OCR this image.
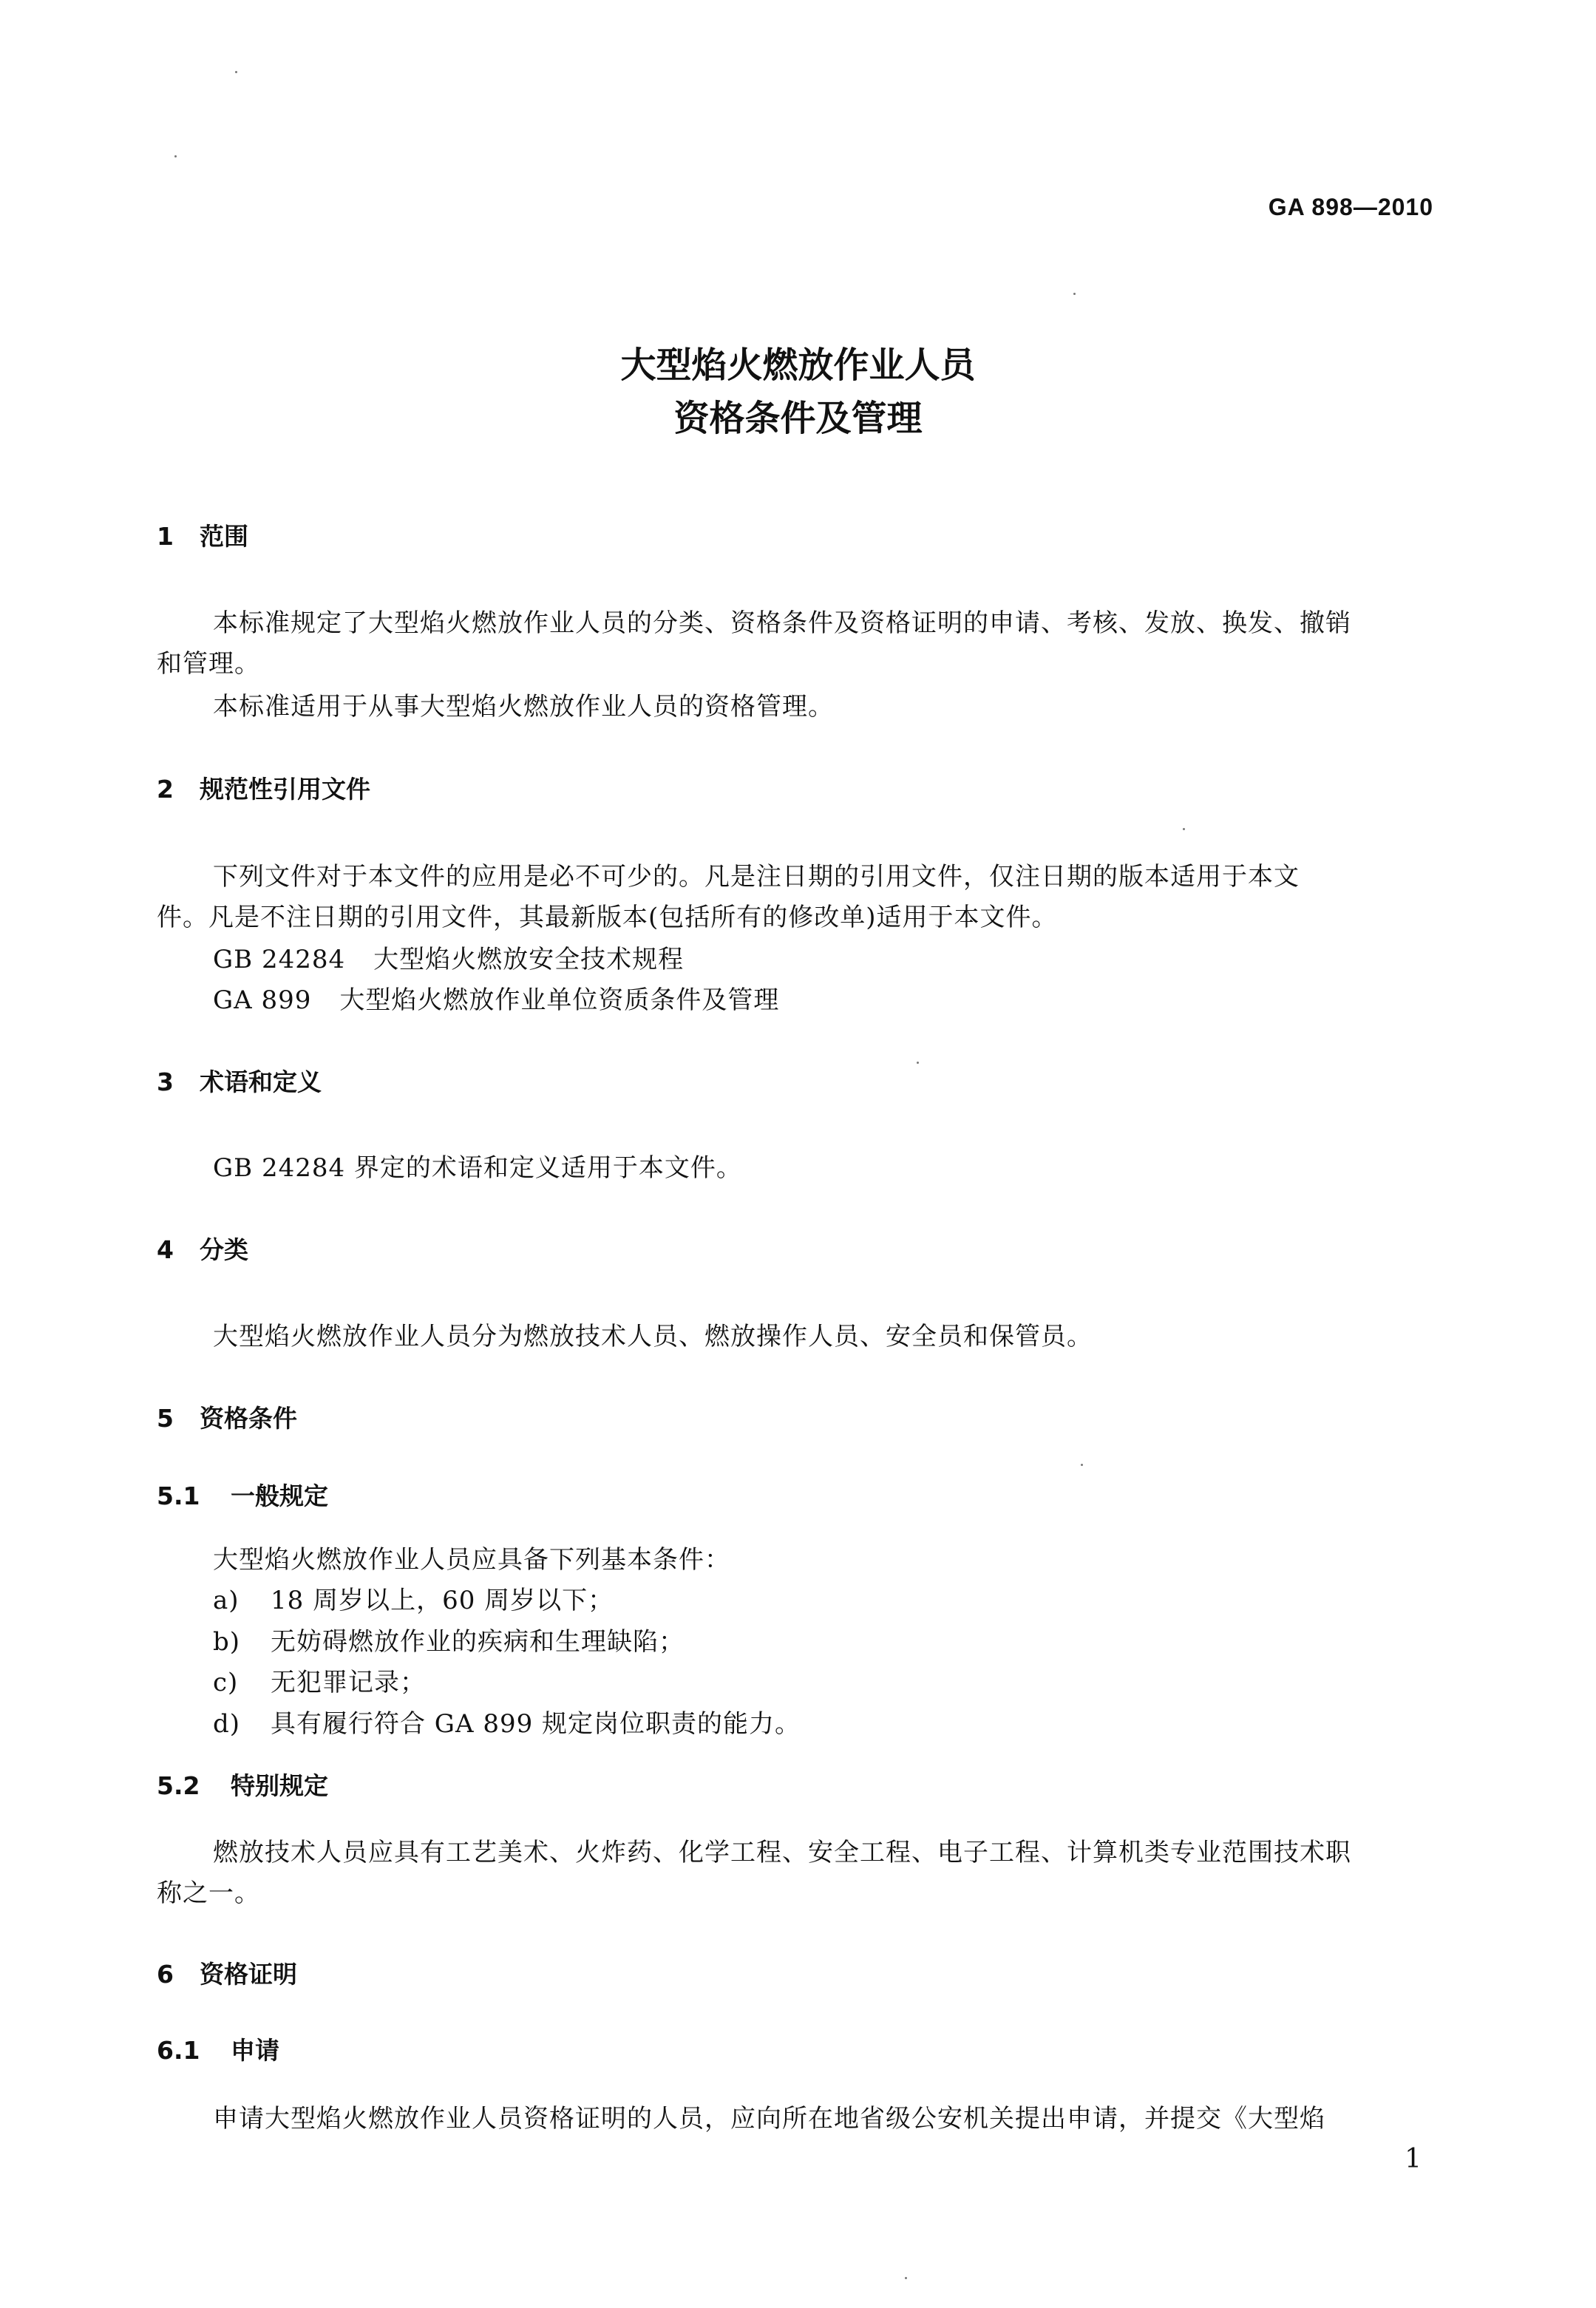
GA 898—2010
大型焰火燃放作业人员
资格条件及管理
1 范围
本标准规定了大型焰火燃放作业人员的分类、资格条件及资格证明的申请、考核、发放、换发、撤销
和管理。
本标准适用于从事大型焰火燃放作业人员的资格管理。
2 规范性引用文件
下列文件对于本文件的应用是必不可少的。凡是注日期的引用文件，仅注日期的版本适用于本文
件。凡是不注日期的引用文件，其最新版本(包括所有的修改单)适用于本文件。
GB 24284 大型焰火燃放安全技术规程
GA 899 大型焰火燃放作业单位资质条件及管理
3 术语和定义
GB 24284 界定的术语和定义适用于本文件。
4 分类
大型焰火燃放作业人员分为燃放技术人员、燃放操作人员、安全员和保管员。
5 资格条件
5.1 一般规定
大型焰火燃放作业人员应具备下列基本条件：
a) 18 周岁以上，60 周岁以下；
b) 无妨碍燃放作业的疾病和生理缺陷；
c) 无犯罪记录；
d) 具有履行符合 GA 899 规定岗位职责的能力。
5.2 特别规定
燃放技术人员应具有工艺美术、火炸药、化学工程、安全工程、电子工程、计算机类专业范围技术职
称之一。
6 资格证明
6.1 申请
申请大型焰火燃放作业人员资格证明的人员，应向所在地省级公安机关提出申请，并提交《大型焰
1
